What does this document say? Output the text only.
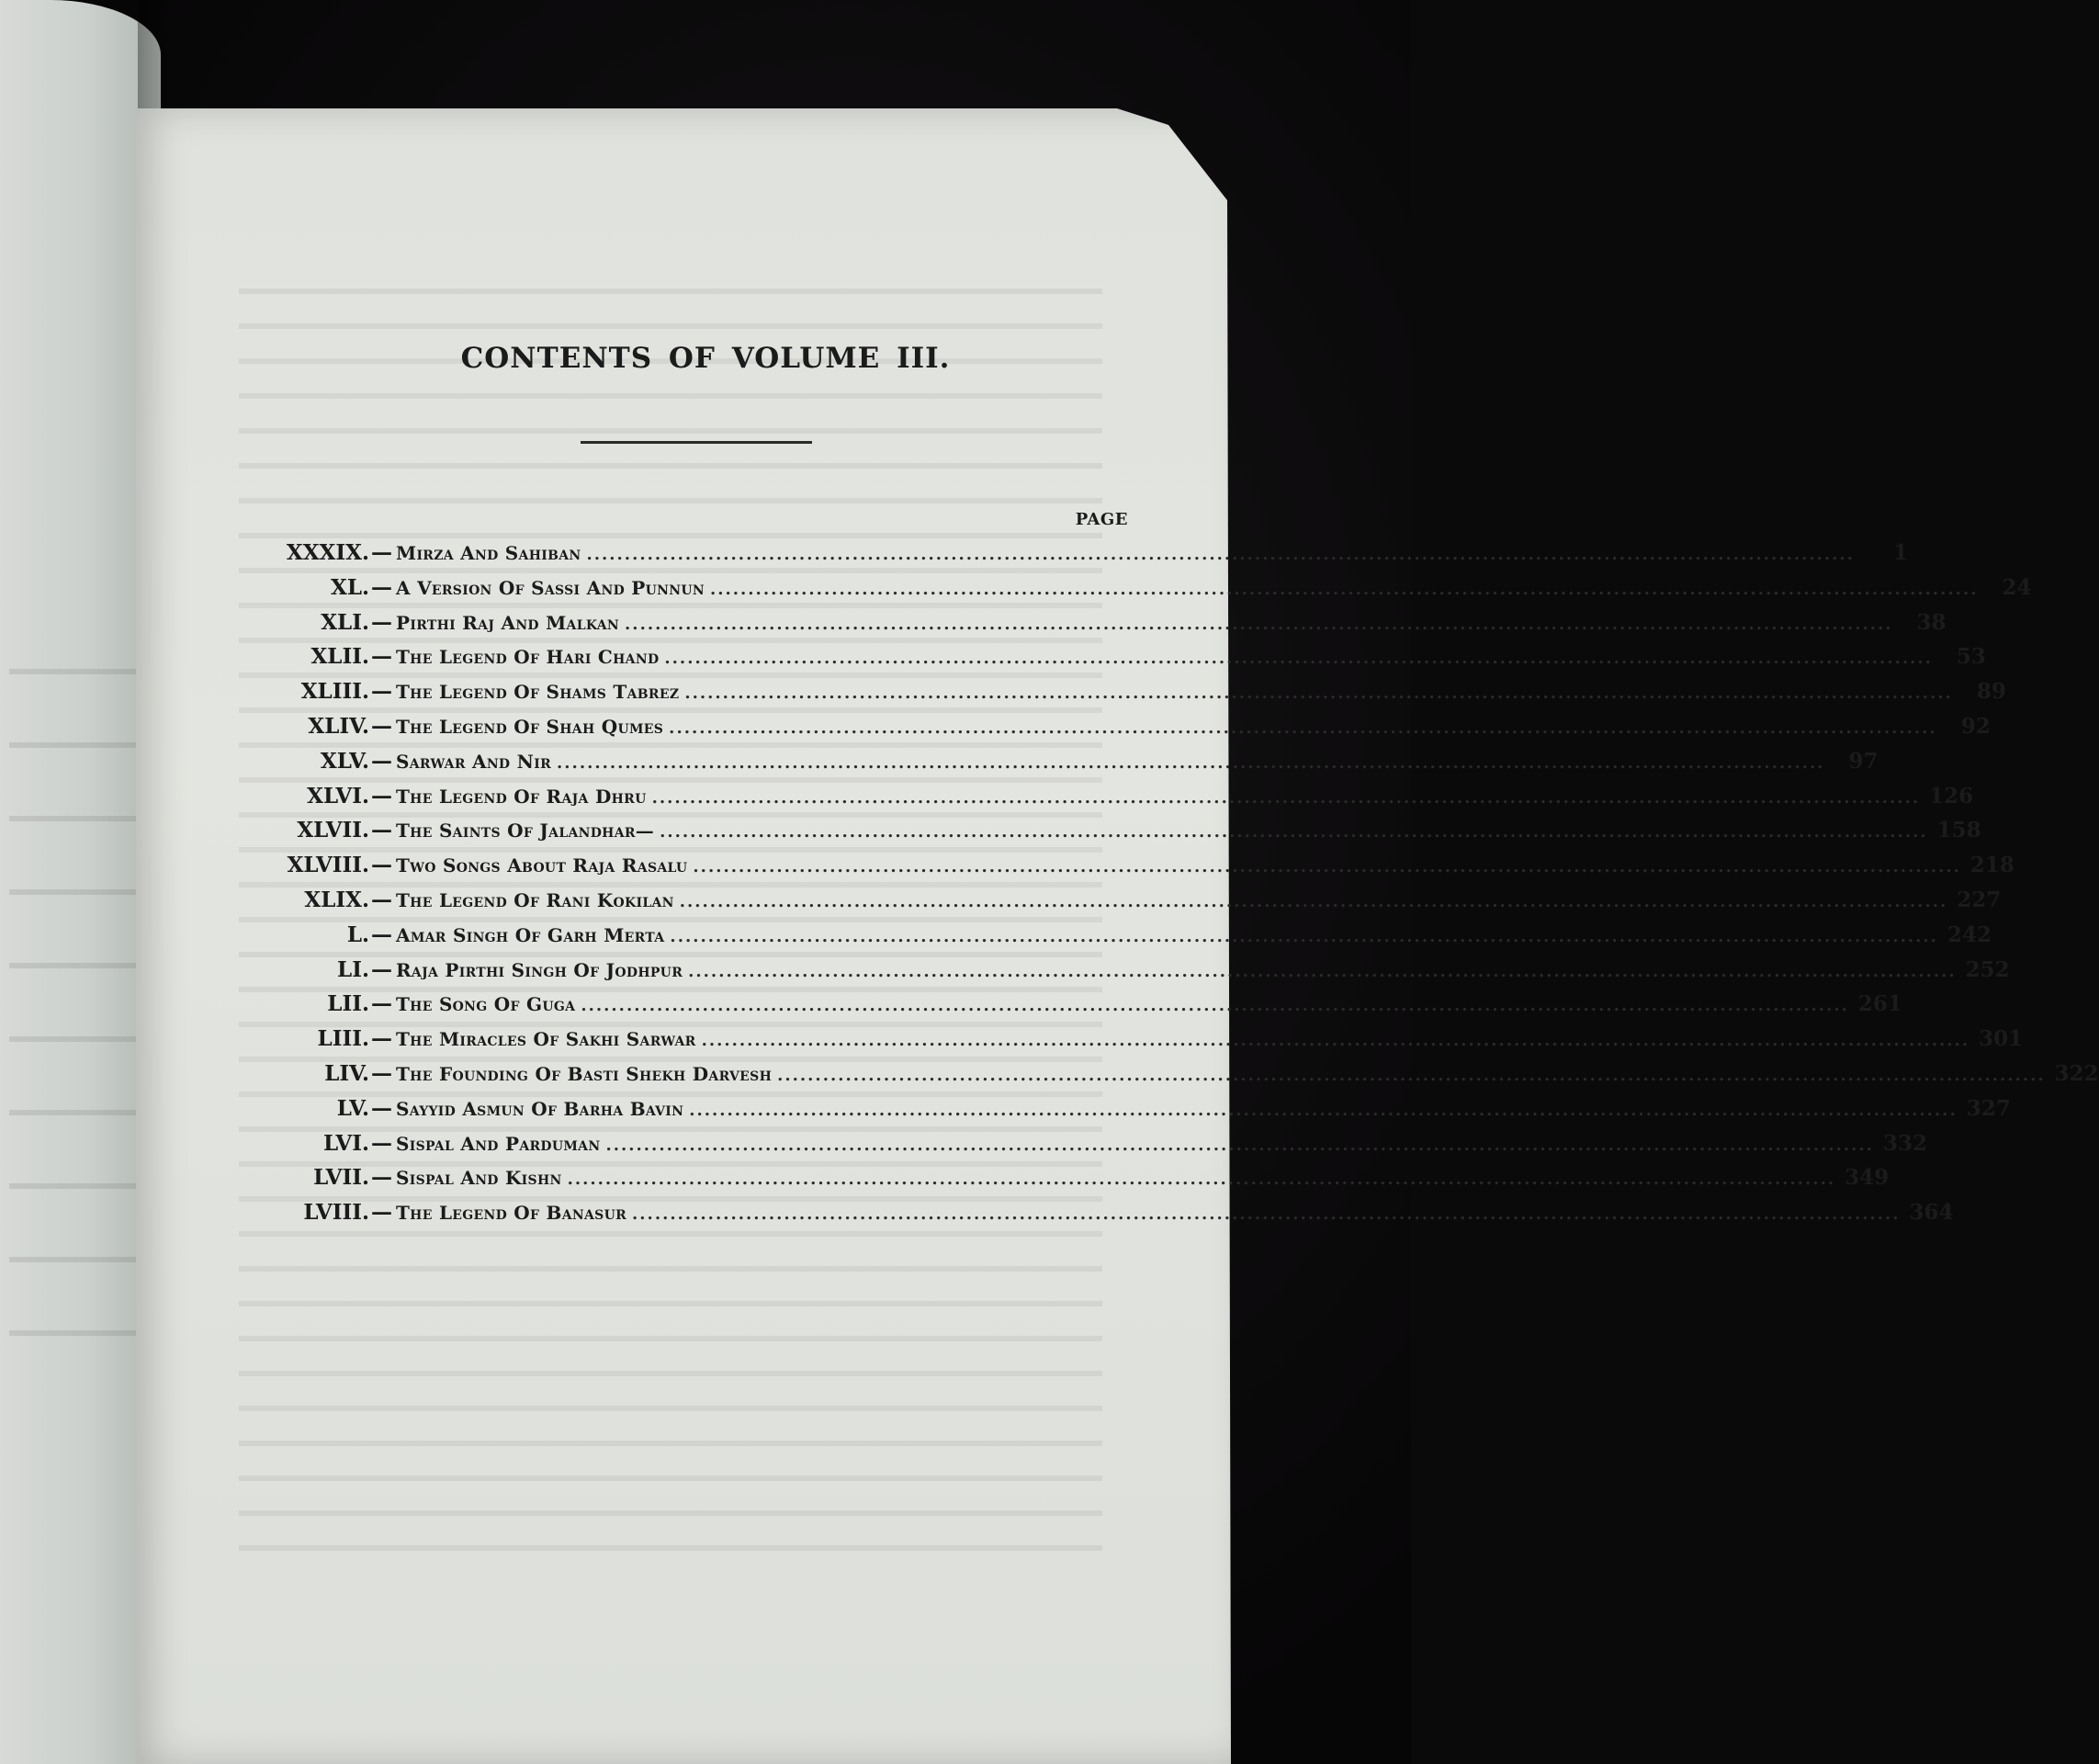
CONTENTS OF VOLUME III.
PAGE
XXXIX. — Mirza And Sahiban .......................................................................................................................................................................	1
XL. — A Version Of Sassi And Punnun .......................................................................................................................................................................	24
XLI. — Pirthi Raj And Malkan .......................................................................................................................................................................	38
XLII. — The Legend Of Hari Chand .......................................................................................................................................................................	53
XLIII. — The Legend Of Shams Tabrez .......................................................................................................................................................................	89
XLIV. — The Legend Of Shah Qumes .......................................................................................................................................................................	92
XLV. — Sarwar And Nir .......................................................................................................................................................................	97
XLVI. — The Legend Of Raja Dhru ....................................................................................................................................................................... 126
XLVII. — The Saints Of Jalandhar— ....................................................................................................................................................................... 158
XLVIII. — Two Songs About Raja Rasalu ....................................................................................................................................................................... 218
XLIX. — The Legend Of Rani Kokilan ....................................................................................................................................................................... 227
L. — Amar Singh Of Garh Merta ....................................................................................................................................................................... 242
LI. — Raja Pirthi Singh Of Jodhpur ....................................................................................................................................................................... 252
LII. — The Song Of Guga ....................................................................................................................................................................... 261
LIII. — The Miracles Of Sakhi Sarwar ....................................................................................................................................................................... 301
LIV. — The Founding Of Basti Shekh Darvesh ....................................................................................................................................................................... 322
LV. — Sayyid Asmun Of Barha Bavin ....................................................................................................................................................................... 327
LVI. — Sispal And Parduman ....................................................................................................................................................................... 332
LVII. — Sispal And Kishn ....................................................................................................................................................................... 349
LVIII. — The Legend Of Banasur ....................................................................................................................................................................... 364
